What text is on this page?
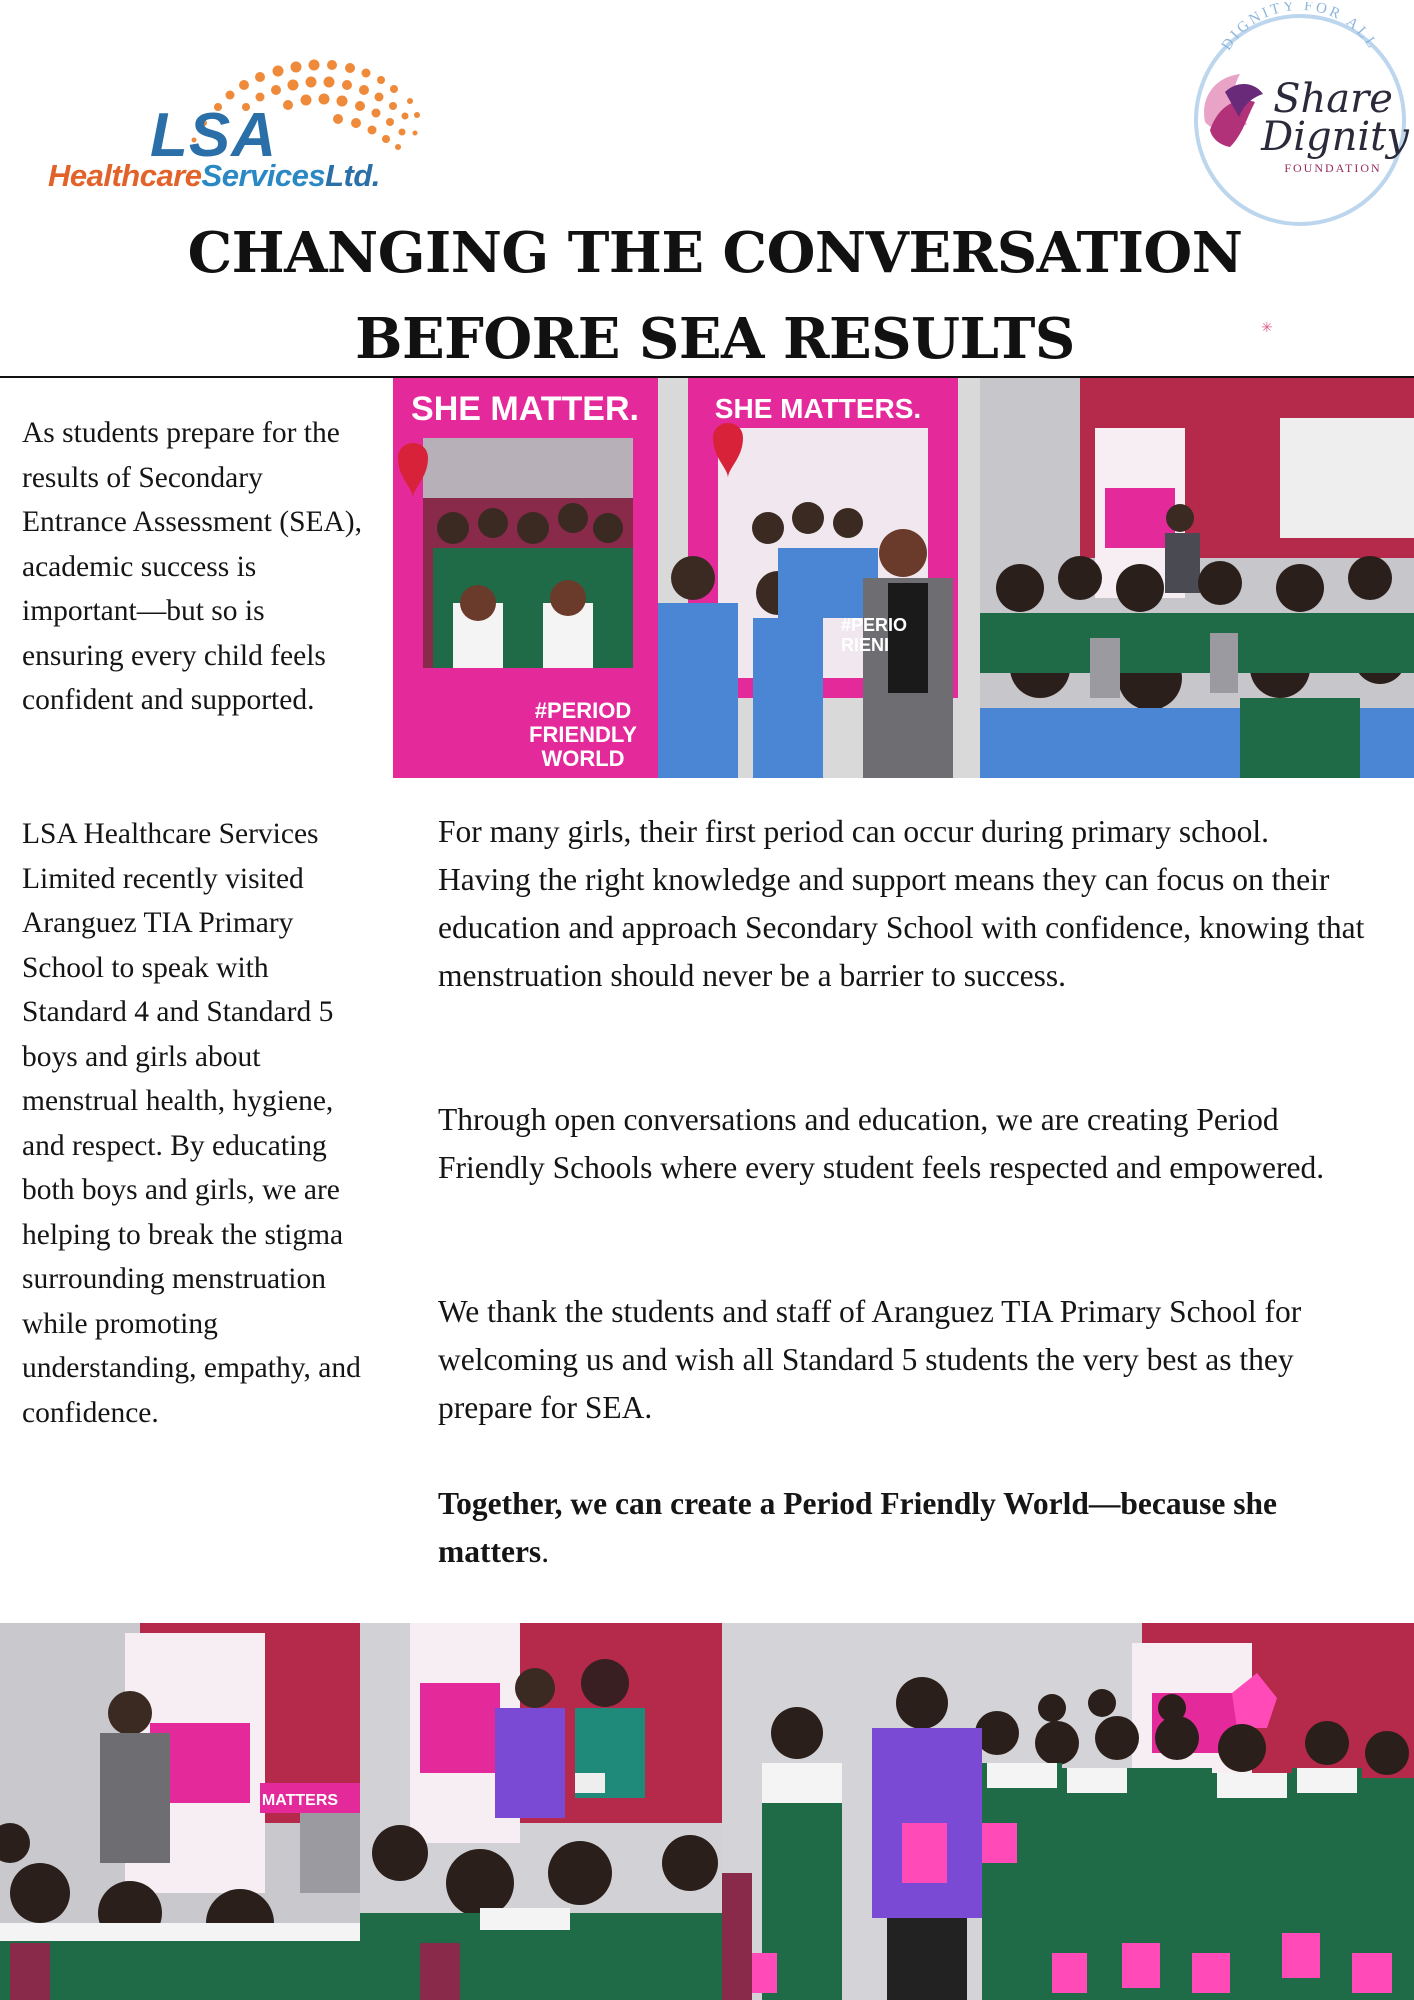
LSA
HealthcareServicesLtd.
DIGNITY FOR ALL
Share
Dignity
FOUNDATION
CHANGING THE CONVERSATION
BEFORE SEA RESULTS	✳
SHE MATTER.
#PERIOD
FRIENDLY
WORLD
SHE MATTERS.
#PERIO
RIENI

As students prepare for the results of Secondary Entrance Assessment (SEA), academic success is important—but so is ensuring every child feels confident and supported.

LSA Healthcare Services Limited recently visited Aranguez TIA Primary School to speak with Standard 4 and Standard 5 boys and girls about menstrual health, hygiene, and respect. By educating both boys and girls, we are helping to break the stigma surrounding menstruation while promoting understanding, empathy, and confidence.

For many girls, their first period can occur during primary school. Having the right knowledge and support means they can focus on their education and approach Secondary School with confidence, knowing that menstruation should never be a barrier to success.

Through open conversations and education, we are creating Period Friendly Schools where every student feels respected and empowered.

We thank the students and staff of Aranguez TIA Primary School for welcoming us and wish all Standard 5 students the very best as they prepare for SEA.

Together, we can create a Period Friendly World—because she matters.

MATTERS
